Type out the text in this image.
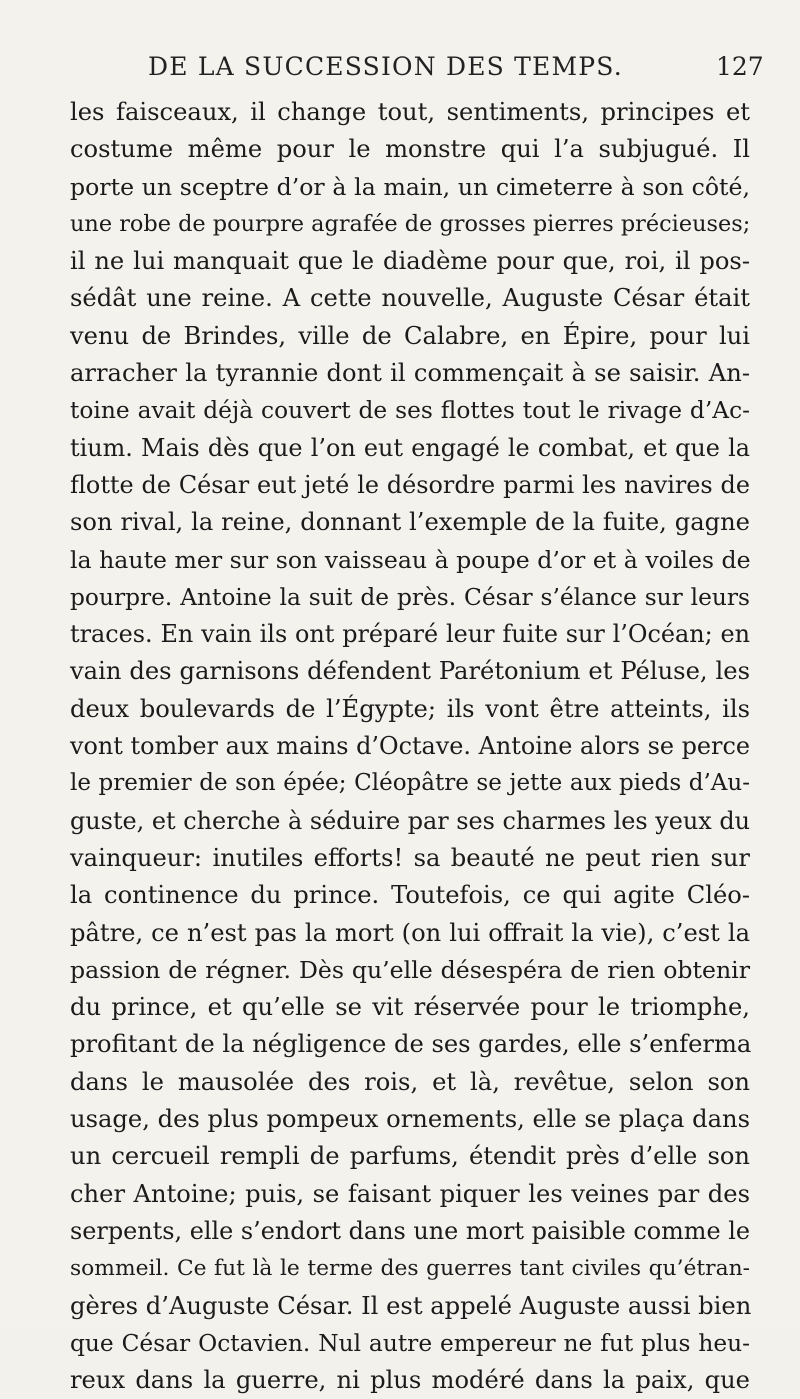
DE LA SUCCESSION DES TEMPS.	127
les faisceaux, il change tout, sentiments, principes et
costume même pour le monstre qui l’a subjugué. Il
porte un sceptre d’or à la main, un cimeterre à son côté,
une robe de pourpre agrafée de grosses pierres précieuses;
il ne lui manquait que le diadème pour que, roi, il pos-
sédât une reine. A cette nouvelle, Auguste César était
venu de Brindes, ville de Calabre, en Épire, pour lui
arracher la tyrannie dont il commençait à se saisir. An-
toine avait déjà couvert de ses flottes tout le rivage d’Ac-
tium. Mais dès que l’on eut engagé le combat, et que la
flotte de César eut jeté le désordre parmi les navires de
son rival, la reine, donnant l’exemple de la fuite, gagne
la haute mer sur son vaisseau à poupe d’or et à voiles de
pourpre. Antoine la suit de près. César s’élance sur leurs
traces. En vain ils ont préparé leur fuite sur l’Océan; en
vain des garnisons défendent Parétonium et Péluse, les
deux boulevards de l’Égypte; ils vont être atteints, ils
vont tomber aux mains d’Octave. Antoine alors se perce
le premier de son épée; Cléopâtre se jette aux pieds d’Au-
guste, et cherche à séduire par ses charmes les yeux du
vainqueur: inutiles efforts! sa beauté ne peut rien sur
la continence du prince. Toutefois, ce qui agite Cléo-
pâtre, ce n’est pas la mort (on lui offrait la vie), c’est la
passion de régner. Dès qu’elle désespéra de rien obtenir
du prince, et qu’elle se vit réservée pour le triomphe,
profitant de la négligence de ses gardes, elle s’enferma
dans le mausolée des rois, et là, revêtue, selon son
usage, des plus pompeux ornements, elle se plaça dans
un cercueil rempli de parfums, étendit près d’elle son
cher Antoine; puis, se faisant piquer les veines par des
serpents, elle s’endort dans une mort paisible comme le
sommeil. Ce fut là le terme des guerres tant civiles qu’étran-
gères d’Auguste César. Il est appelé Auguste aussi bien
que César Octavien. Nul autre empereur ne fut plus heu-
reux dans la guerre, ni plus modéré dans la paix, que
